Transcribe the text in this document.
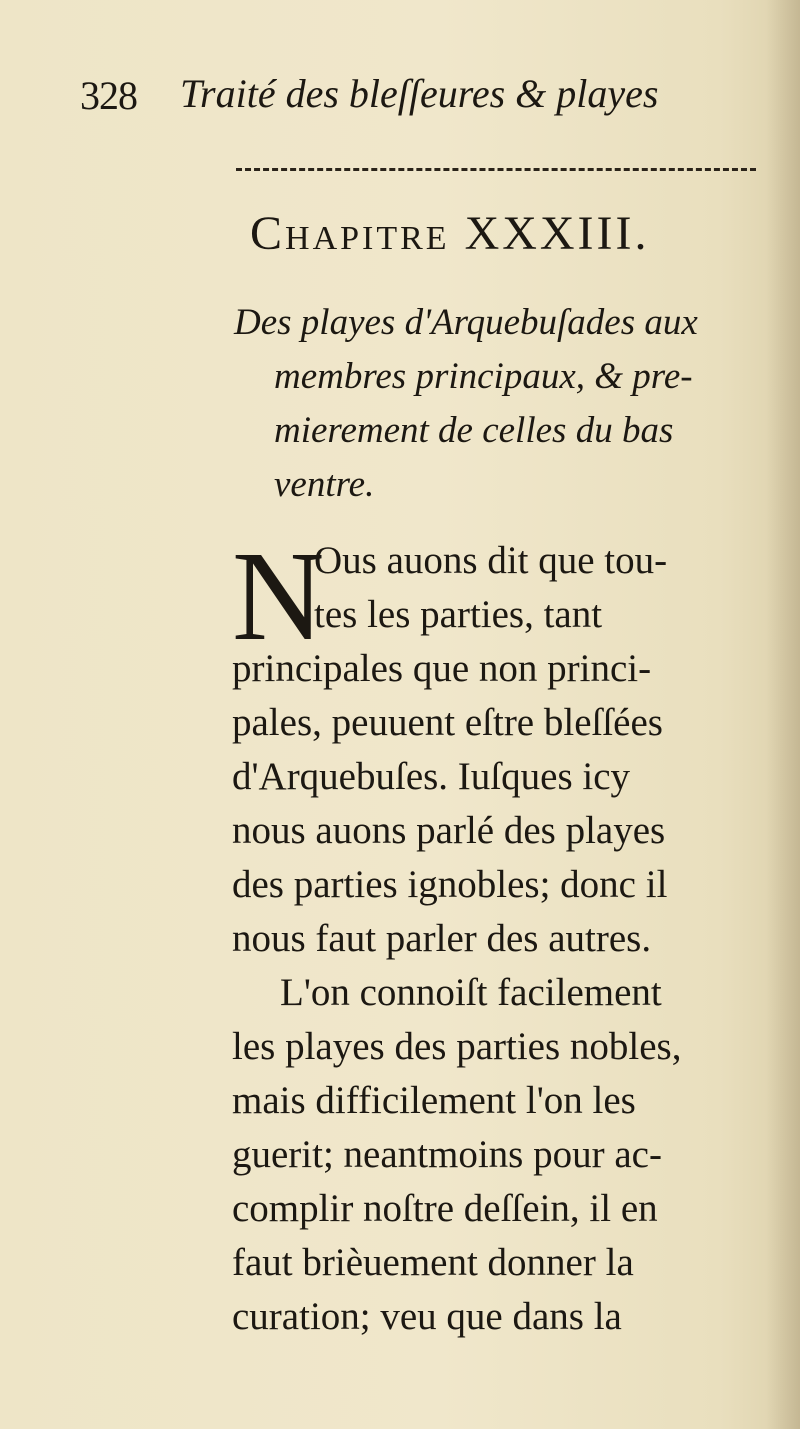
328 Traité des bleſſeures & playes
Chapitre XXXIII.
Des playes d'Arquebuſades aux
membres principaux, & pre-
mierement de celles du bas
ventre.
N
Ous auons dit que tou-
tes les parties, tant
principales que non princi-
pales, peuuent eſtre bleſſées
d'Arquebuſes. Iuſques icy
nous auons parlé des playes
des parties ignobles; donc il
nous faut parler des autres.
L'on connoiſt facilement
les playes des parties nobles,
mais difficilement l'on les
guerit; neantmoins pour ac-
complir noſtre deſſein, il en
faut brièuement donner la
curation; veu que dans la
